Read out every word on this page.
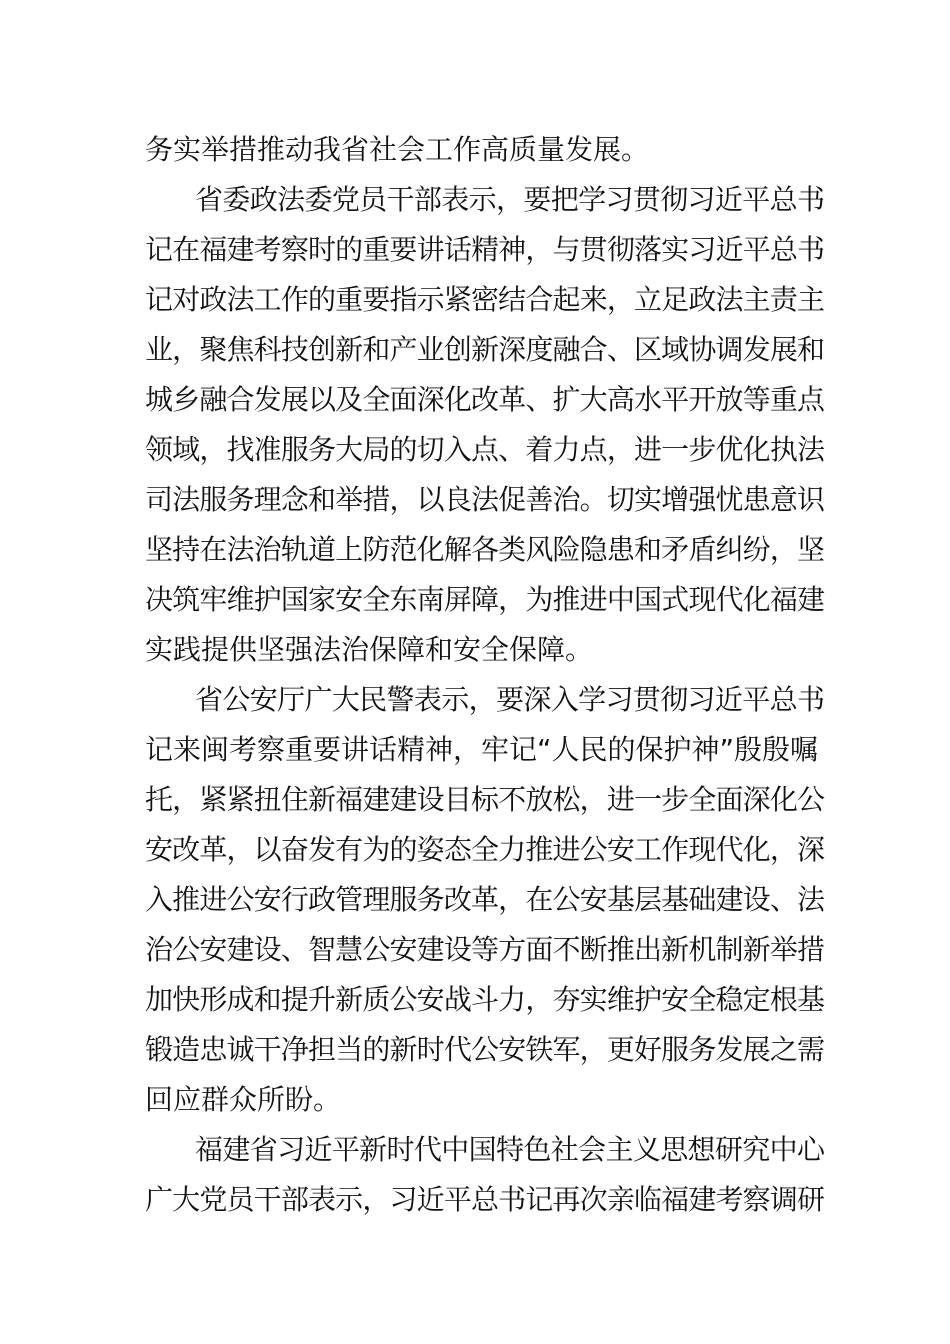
务实举措推动我省社会工作高质量发展。
省委政法委党员干部表示，要把学习贯彻习近平总书
记在福建考察时的重要讲话精神，与贯彻落实习近平总书
记对政法工作的重要指示紧密结合起来，立足政法主责主
业，聚焦科技创新和产业创新深度融合、区域协调发展和
城乡融合发展以及全面深化改革、扩大高水平开放等重点
领域，找准服务大局的切入点、着力点，进一步优化执法
司法服务理念和举措，以良法促善治。切实增强忧患意识
坚持在法治轨道上防范化解各类风险隐患和矛盾纠纷，坚
决筑牢维护国家安全东南屏障，为推进中国式现代化福建
实践提供坚强法治保障和安全保障。
省公安厅广大民警表示，要深入学习贯彻习近平总书
记来闽考察重要讲话精神，牢记“人民的保护神”殷殷嘱
托，紧紧扭住新福建建设目标不放松，进一步全面深化公
安改革，以奋发有为的姿态全力推进公安工作现代化，深
入推进公安行政管理服务改革，在公安基层基础建设、法
治公安建设、智慧公安建设等方面不断推出新机制新举措
加快形成和提升新质公安战斗力，夯实维护安全稳定根基
锻造忠诚干净担当的新时代公安铁军，更好服务发展之需
回应群众所盼。
福建省习近平新时代中国特色社会主义思想研究中心
广大党员干部表示，习近平总书记再次亲临福建考察调研
